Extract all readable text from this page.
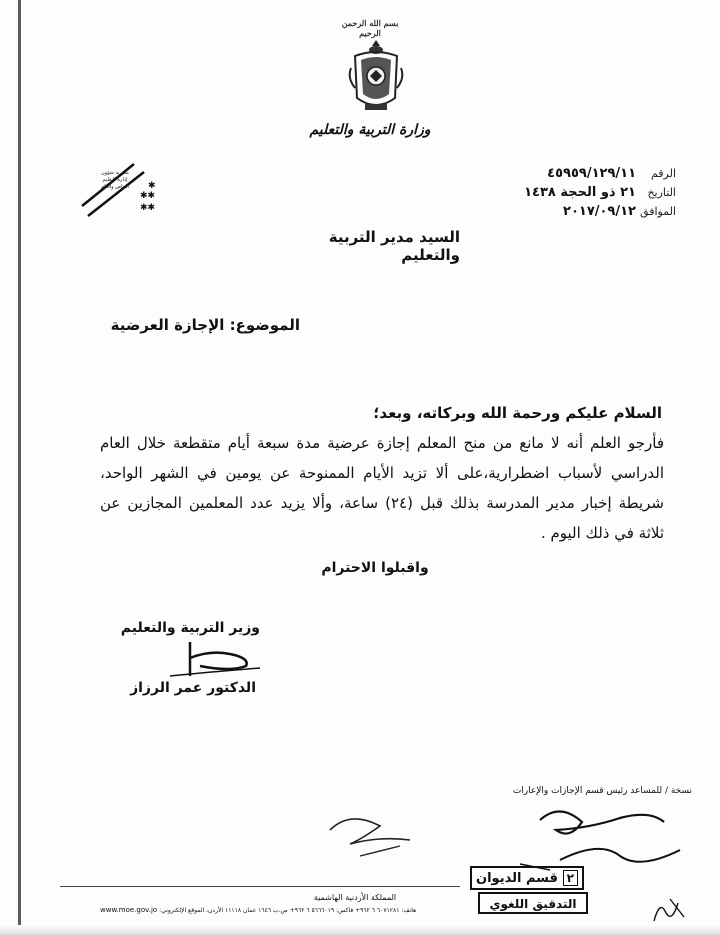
بسم الله الرحمن الرحيم
وزارة التربية والتعليم
الرقم
٤٥٩٥٩/١٢٩/١١
التاريخ
٢١ ذو الحجة ١٤٣٨
الموافق
٢٠١٧/٠٩/١٢
✱
✱✱
✱✱
مديرية شؤون
إدارة التعليم
الخاص والعام
السيد مدير التربية والتعليم
الموضوع: الإجازة العرضية
السلام عليكم ورحمة الله وبركاته، وبعد؛
فأرجو العلم أنه لا مانع من منح المعلم إجازة عرضية مدة سبعة أيام متقطعة خلال العام
الدراسي لأسباب اضطرارية،على ألا تزيد الأيام الممنوحة عن يومين في الشهر الواحد،
شريطة إخبار مدير المدرسة بذلك قبل (٢٤) ساعة، وألا يزيد عدد المعلمين المجازين عن
ثلاثة في ذلك اليوم .
واقبلوا الاحترام
وزير التربية والتعليم
الدكتور عمر الرزاز
نسخة / للمساعد رئيس قسم الإجازات والإعارات
٢
قسم الديوان
التدقيق اللغوي
المملكة الأردنية الهاشمية
www.moe.gov.jo هاتف: ٦٠٧١٢٨١ ٦ ٩٦٢+ فاكس: ٥٦٦٦٠١٩ ٦ ٩٦٢+ ص.ب ١٦٤٦ عمان ١١١١٨ الأردن، الموقع الإلكتروني:
